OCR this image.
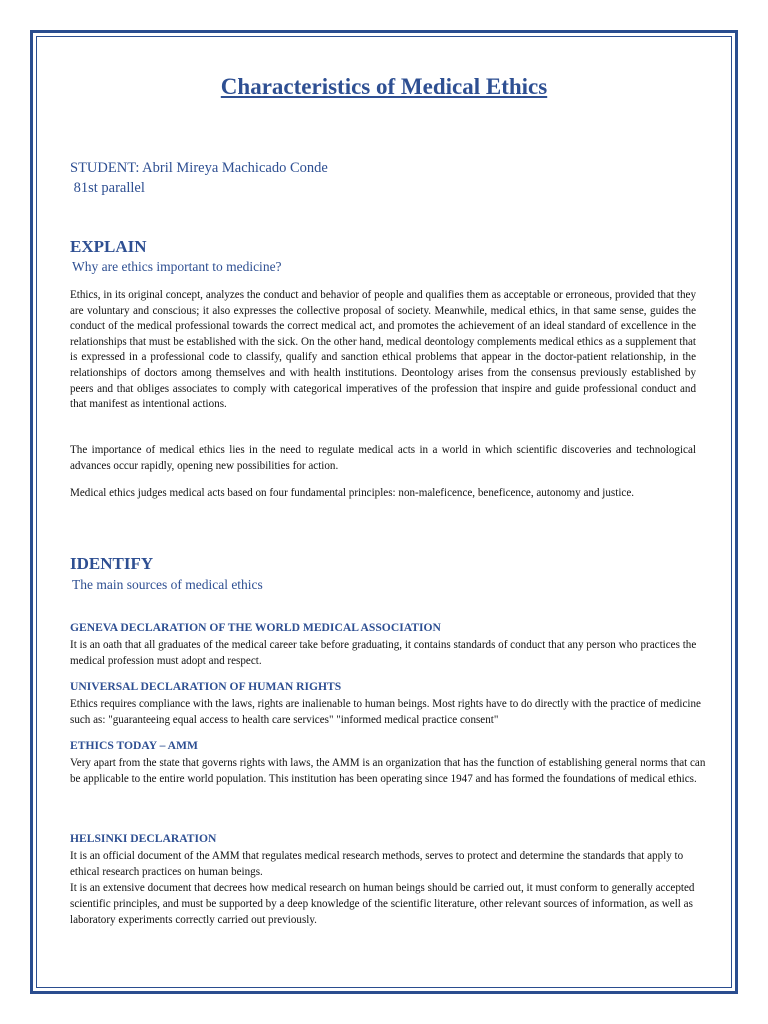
Characteristics of Medical Ethics
STUDENT: Abril Mireya Machicado Conde
81st parallel
EXPLAIN

Why are ethics important to medicine?

Ethics, in its original concept, analyzes the conduct and behavior of people and qualifies them as acceptable or erroneous, provided that they are voluntary and conscious; it also expresses the collective proposal of society. Meanwhile, medical ethics, in that same sense, guides the conduct of the medical professional towards the correct medical act, and promotes the achievement of an ideal standard of excellence in the relationships that must be established with the sick. On the other hand, medical deontology complements medical ethics as a supplement that is expressed in a professional code to classify, qualify and sanction ethical problems that appear in the doctor-patient relationship, in the relationships of doctors among themselves and with health institutions. Deontology arises from the consensus previously established by peers and that obliges associates to comply with categorical imperatives of the profession that inspire and guide professional conduct and that manifest as intentional actions.

The importance of medical ethics lies in the need to regulate medical acts in a world in which scientific discoveries and technological advances occur rapidly, opening new possibilities for action.

Medical ethics judges medical acts based on four fundamental principles: non-maleficence, beneficence, autonomy and justice.

IDENTIFY

The main sources of medical ethics

GENEVA DECLARATION OF THE WORLD MEDICAL ASSOCIATION

It is an oath that all graduates of the medical career take before graduating, it contains standards of conduct that any person who practices the medical profession must adopt and respect.

UNIVERSAL DECLARATION OF HUMAN RIGHTS

Ethics requires compliance with the laws, rights are inalienable to human beings. Most rights have to do directly with the practice of medicine such as: "guaranteeing equal access to health care services" "informed medical practice consent"

ETHICS TODAY – AMM

Very apart from the state that governs rights with laws, the AMM is an organization that has the function of establishing general norms that can be applicable to the entire world population. This institution has been operating since 1947 and has formed the foundations of medical ethics.

HELSINKI DECLARATION

It is an official document of the AMM that regulates medical research methods, serves to protect and determine the standards that apply to ethical research practices on human beings.

It is an extensive document that decrees how medical research on human beings should be carried out, it must conform to generally accepted scientific principles, and must be supported by a deep knowledge of the scientific literature, other relevant sources of information, as well as laboratory experiments correctly carried out previously.
